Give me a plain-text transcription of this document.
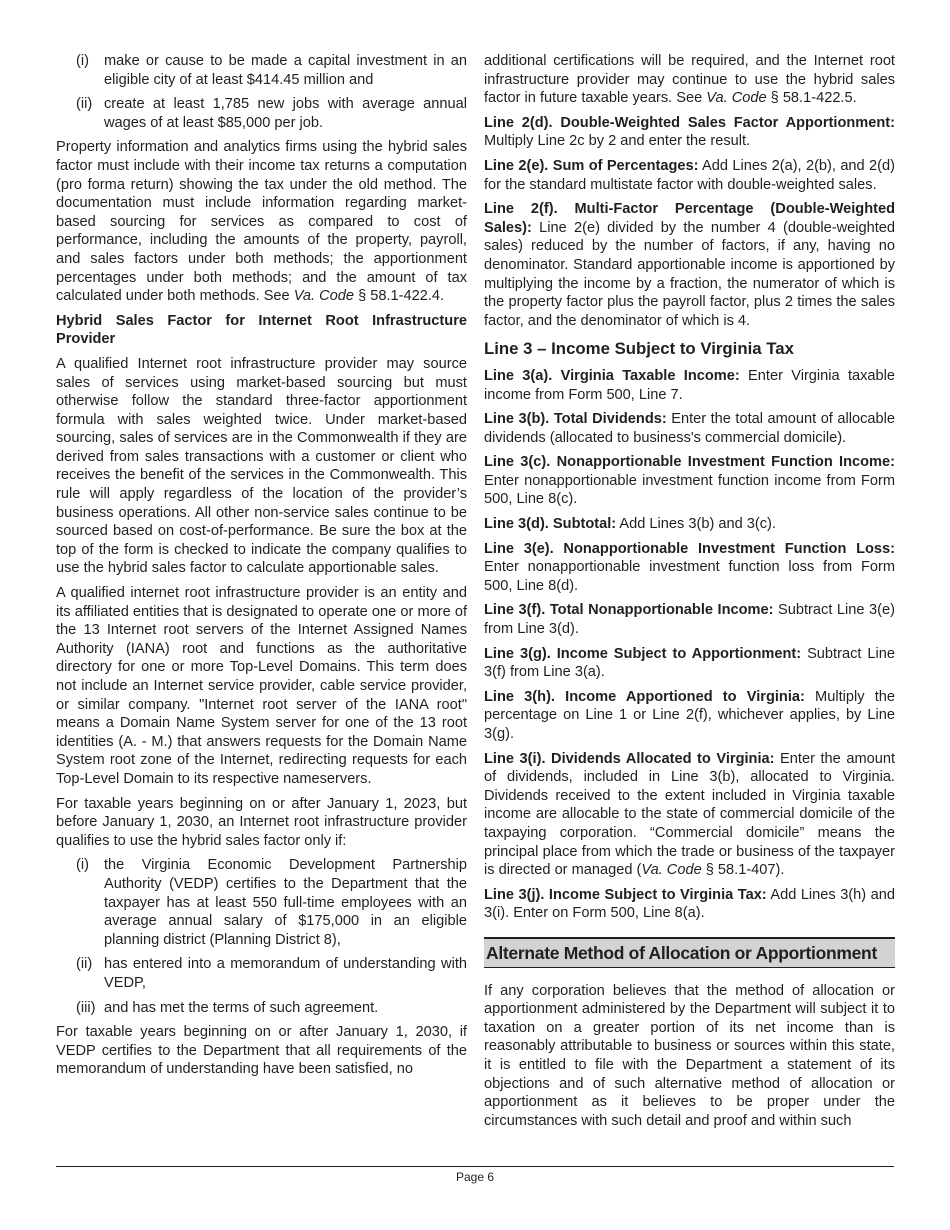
(i)	make or cause to be made a capital investment in an eligible city of at least $414.45 million and
(ii) create at least 1,785 new jobs with average annual wages of at least $85,000 per job.

Property information and analytics firms using the hybrid sales factor must include with their income tax returns a computation (pro forma return) showing the tax under the old method. The documentation must include information regarding market-based sourcing for services as compared to cost of performance, including the amounts of the property, payroll, and sales factors under both methods; the apportionment percentages under both methods; and the amount of tax calculated under both methods. See Va. Code § 58.1-422.4.

Hybrid Sales Factor for Internet Root Infrastructure Provider

A qualified Internet root infrastructure provider may source sales of services using market-based sourcing but must otherwise follow the standard three-factor apportionment formula with sales weighted twice. Under market-based sourcing, sales of services are in the Commonwealth if they are derived from sales transactions with a customer or client who receives the benefit of the services in the Commonwealth. This rule will apply regardless of the location of the provider’s business operations. All other non-service sales continue to be sourced based on cost-of-performance. Be sure the box at the top of the form is checked to indicate the company qualifies to use the hybrid sales factor to calculate apportionable sales.

A qualified internet root infrastructure provider is an entity and its affiliated entities that is designated to operate one or more of the 13 Internet root servers of the Internet Assigned Names Authority (IANA) root and functions as the authoritative directory for one or more Top-Level Domains. This term does not include an Internet service provider, cable service provider, or similar company. "Internet root server of the IANA root" means a Domain Name System server for one of the 13 root identities (A. - M.) that answers requests for the Domain Name System root zone of the Internet, redirecting requests for each Top-Level Domain to its respective nameservers.

For taxable years beginning on or after January 1, 2023, but before January 1, 2030, an Internet root infrastructure provider qualifies to use the hybrid sales factor only if:

(i)	the Virginia Economic Development Partnership Authority (VEDP) certifies to the Department that the taxpayer has at least 550 full-time employees with an average annual salary of $175,000 in an eligible planning district (Planning District 8),
(ii) has entered into a memorandum of understanding with VEDP,
(iii) and has met the terms of such agreement.

For taxable years beginning on or after January 1, 2030, if VEDP certifies to the Department that all requirements of the memorandum of understanding have been satisfied, no

additional certifications will be required, and the Internet root infrastructure provider may continue to use the hybrid sales factor in future taxable years. See Va. Code § 58.1-422.5.

Line 2(d). Double-Weighted Sales Factor Apportionment: Multiply Line 2c by 2 and enter the result.

Line 2(e). Sum of Percentages: Add Lines 2(a), 2(b), and 2(d) for the standard multistate factor with double-weighted sales.

Line 2(f). Multi-Factor Percentage (Double-Weighted Sales): Line 2(e) divided by the number 4 (double-weighted sales) reduced by the number of factors, if any, having no denominator. Standard apportionable income is apportioned by multiplying the income by a fraction, the numerator of which is the property factor plus the payroll factor, plus 2 times the sales factor, and the denominator of which is 4.

Line 3 – Income Subject to Virginia Tax

Line 3(a). Virginia Taxable Income: Enter Virginia taxable income from Form 500, Line 7.

Line 3(b). Total Dividends: Enter the total amount of allocable dividends (allocated to business's commercial domicile).

Line 3(c). Nonapportionable Investment Function Income: Enter nonapportionable investment function income from Form 500, Line 8(c).

Line 3(d). Subtotal: Add Lines 3(b) and 3(c).

Line 3(e). Nonapportionable Investment Function Loss: Enter nonapportionable investment function loss from Form 500, Line 8(d).

Line 3(f). Total Nonapportionable Income: Subtract Line 3(e) from Line 3(d).

Line 3(g). Income Subject to Apportionment: Subtract Line 3(f) from Line 3(a).

Line 3(h). Income Apportioned to Virginia: Multiply the percentage on Line 1 or Line 2(f), whichever applies, by Line 3(g).

Line 3(i). Dividends Allocated to Virginia: Enter the amount of dividends, included in Line 3(b), allocated to Virginia. Dividends received to the extent included in Virginia taxable income are allocable to the state of commercial domicile of the taxpaying corporation. “Commercial domicile” means the principal place from which the trade or business of the taxpayer is directed or managed (Va. Code § 58.1-407).

Line 3(j). Income Subject to Virginia Tax: Add Lines 3(h) and 3(i). Enter on Form 500, Line 8(a).

Alternate Method of Allocation or Apportionment

If any corporation believes that the method of allocation or apportionment administered by the Department will subject it to taxation on a greater portion of its net income than is reasonably attributable to business or sources within this state, it is entitled to file with the Department a statement of its objections and of such alternative method of allocation or apportionment as it believes to be proper under the circumstances with such detail and proof and within such

Page 6
